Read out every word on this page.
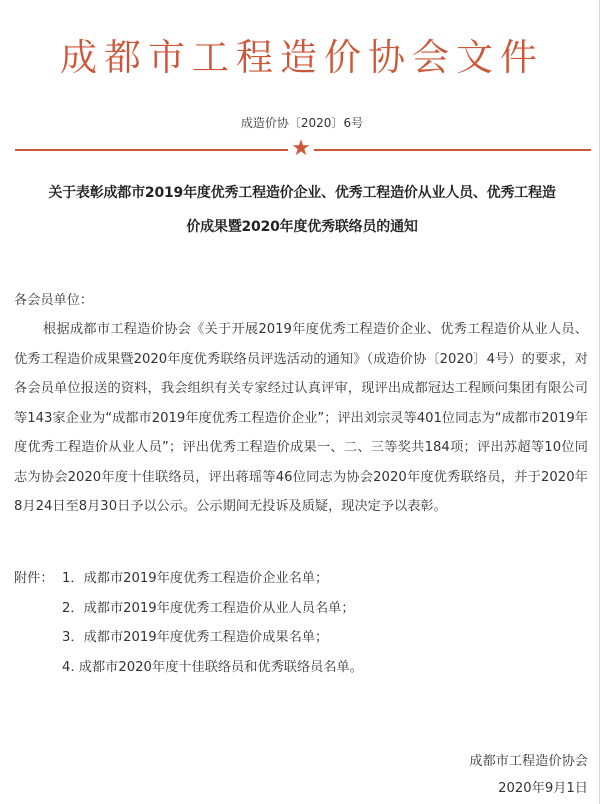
成都市工程造价协会文件
成造价协〔2020〕6号
★
关于表彰成都市2019年度优秀工程造价企业、优秀工程造价从业人员、优秀工程造
价成果暨2020年度优秀联络员的通知
各会员单位：
根据成都市工程造价协会《关于开展2019年度优秀工程造价企业、优秀工程造价从业人员、优秀工程造价成果暨2020年度优秀联络员评选活动的通知》（成造价协〔2020〕4号）的要求，对各会员单位报送的资料，我会组织有关专家经过认真评审，现评出成都冠达工程顾问集团有限公司等143家企业为“成都市2019年度优秀工程造价企业”；评出刘宗灵等401位同志为“成都市2019年度优秀工程造价从业人员”；评出优秀工程造价成果一、二、三等奖共184项；评出苏超等10位同志为协会2020年度十佳联络员，评出蒋瑶等46位同志为协会2020年度优秀联络员，并于2020年8月24日至8月30日予以公示。公示期间无投诉及质疑，现决定予以表彰。
附件： 1．成都市2019年度优秀工程造价企业名单；
2．成都市2019年度优秀工程造价从业人员名单；
3．成都市2019年度优秀工程造价成果名单；
4. 成都市2020年度十佳联络员和优秀联络员名单。
成都市工程造价协会
2020年9月1日
